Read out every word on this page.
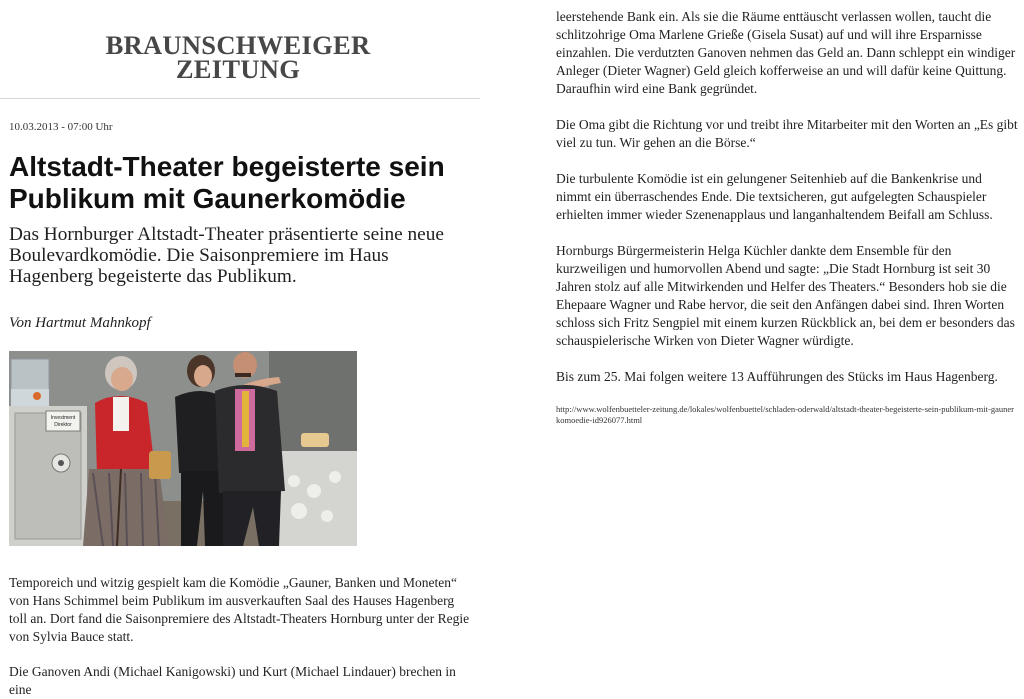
BRAUNSCHWEIGER
ZEITUNG
10.03.2013 - 07:00 Uhr
Altstadt-Theater begeisterte sein Publikum mit Gaunerkomödie

Das Hornburger Altstadt-Theater präsentierte seine neue Boulevardkomödie. Die Saisonpremiere im Haus Hagenberg begeisterte das Publikum.

Von Hartmut Mahnkopf
Investment
Direktor

Temporeich und witzig gespielt kam die Komödie „Gauner, Banken und Moneten“ von Hans Schimmel beim Publikum im ausverkauften Saal des Hauses Hagenberg toll an. Dort fand die Saisonpremiere des Altstadt-Theaters Hornburg unter der Regie von Sylvia Bauce statt.

Die Ganoven Andi (Michael Kanigowski) und Kurt (Michael Lindauer) brechen in eine

leerstehende Bank ein. Als sie die Räume enttäuscht verlassen wollen, taucht die schlitzohrige Oma Marlene Grieße (Gisela Susat) auf und will ihre Ersparnisse einzahlen. Die verdutzten Ganoven nehmen das Geld an. Dann schleppt ein windiger Anleger (Dieter Wagner) Geld gleich kofferweise an und will dafür keine Quittung. Daraufhin wird eine Bank gegründet.

Die Oma gibt die Richtung vor und treibt ihre Mitarbeiter mit den Worten an „Es gibt viel zu tun. Wir gehen an die Börse.“

Die turbulente Komödie ist ein gelungener Seitenhieb auf die Bankenkrise und nimmt ein überraschendes Ende. Die textsicheren, gut aufgelegten Schauspieler erhielten immer wieder Szenenapplaus und langanhaltendem Beifall am Schluss.

Hornburgs Bürgermeisterin Helga Küchler dankte dem Ensemble für den kurzweiligen und humorvollen Abend und sagte: „Die Stadt Hornburg ist seit 30 Jahren stolz auf alle Mitwirkenden und Helfer des Theaters.“ Besonders hob sie die Ehepaare Wagner und Rabe hervor, die seit den Anfängen dabei sind. Ihren Worten schloss sich Fritz Sengpiel mit einem kurzen Rückblick an, bei dem er besonders das schauspielerische Wirken von Dieter Wagner würdigte.

Bis zum 25. Mai folgen weitere 13 Aufführungen des Stücks im Haus Hagenberg.

http://www.wolfenbuetteler-zeitung.de/lokales/wolfenbuettel/schladen-oderwald/altstadt-theater-begeisterte-sein-publikum-mit-gaunerkomoedie-id926077.html
